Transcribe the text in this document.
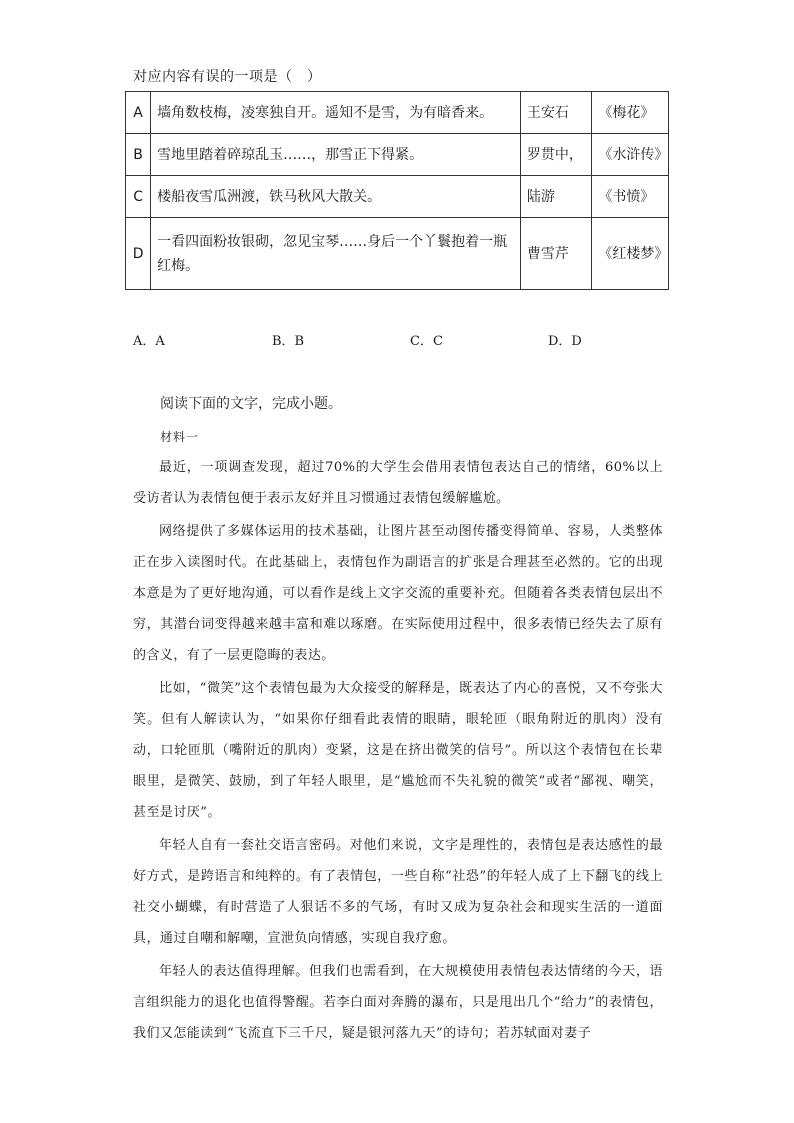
对应内容有误的一项是（　）
A	墙角数枝梅，凌寒独自开。遥知不是雪，为有暗香来。	王安石	《梅花》
B	雪地里踏着碎琼乱玉……，那雪正下得紧。	罗贯中，	《水浒传》
C	楼船夜雪瓜洲渡，铁马秋风大散关。	陆游	《书愤》
D	一看四面粉妆银砌，忽见宝琴……身后一个丫鬟抱着一瓶红梅。	曹雪芹	《红楼梦》
A．A	B．B	C．C	D．D
阅读下面的文字，完成小题。
材料一

最近，一项调查发现，超过70%的大学生会借用表情包表达自己的情绪，60%以上受访者认为表情包便于表示友好并且习惯通过表情包缓解尴尬。

网络提供了多媒体运用的技术基础，让图片甚至动图传播变得简单、容易，人类整体正在步入读图时代。在此基础上，表情包作为副语言的扩张是合理甚至必然的。它的出现本意是为了更好地沟通，可以看作是线上文字交流的重要补充。但随着各类表情包层出不穷，其潜台词变得越来越丰富和难以琢磨。在实际使用过程中，很多表情已经失去了原有的含义，有了一层更隐晦的表达。

比如，“微笑”这个表情包最为大众接受的解释是，既表达了内心的喜悦，又不夸张大笑。但有人解读认为，“如果你仔细看此表情的眼睛，眼轮匝（眼角附近的肌肉）没有动，口轮匝肌（嘴附近的肌肉）变紧，这是在挤出微笑的信号”。所以这个表情包在长辈眼里，是微笑、鼓励，到了年轻人眼里，是“尴尬而不失礼貌的微笑”或者“鄙视、嘲笑，甚至是讨厌”。

年轻人自有一套社交语言密码。对他们来说，文字是理性的，表情包是表达感性的最好方式，是跨语言和纯粹的。有了表情包，一些自称“社恐”的年轻人成了上下翻飞的线上社交小蝴蝶，有时营造了人狠话不多的气场，有时又成为复杂社会和现实生活的一道面具，通过自嘲和解嘲，宣泄负向情感，实现自我疗愈。

年轻人的表达值得理解。但我们也需看到，在大规模使用表情包表达情绪的今天，语言组织能力的退化也值得警醒。若李白面对奔腾的瀑布，只是甩出几个“给力”的表情包，我们又怎能读到“飞流直下三千尺，疑是银河落九天”的诗句；若苏轼面对妻子
